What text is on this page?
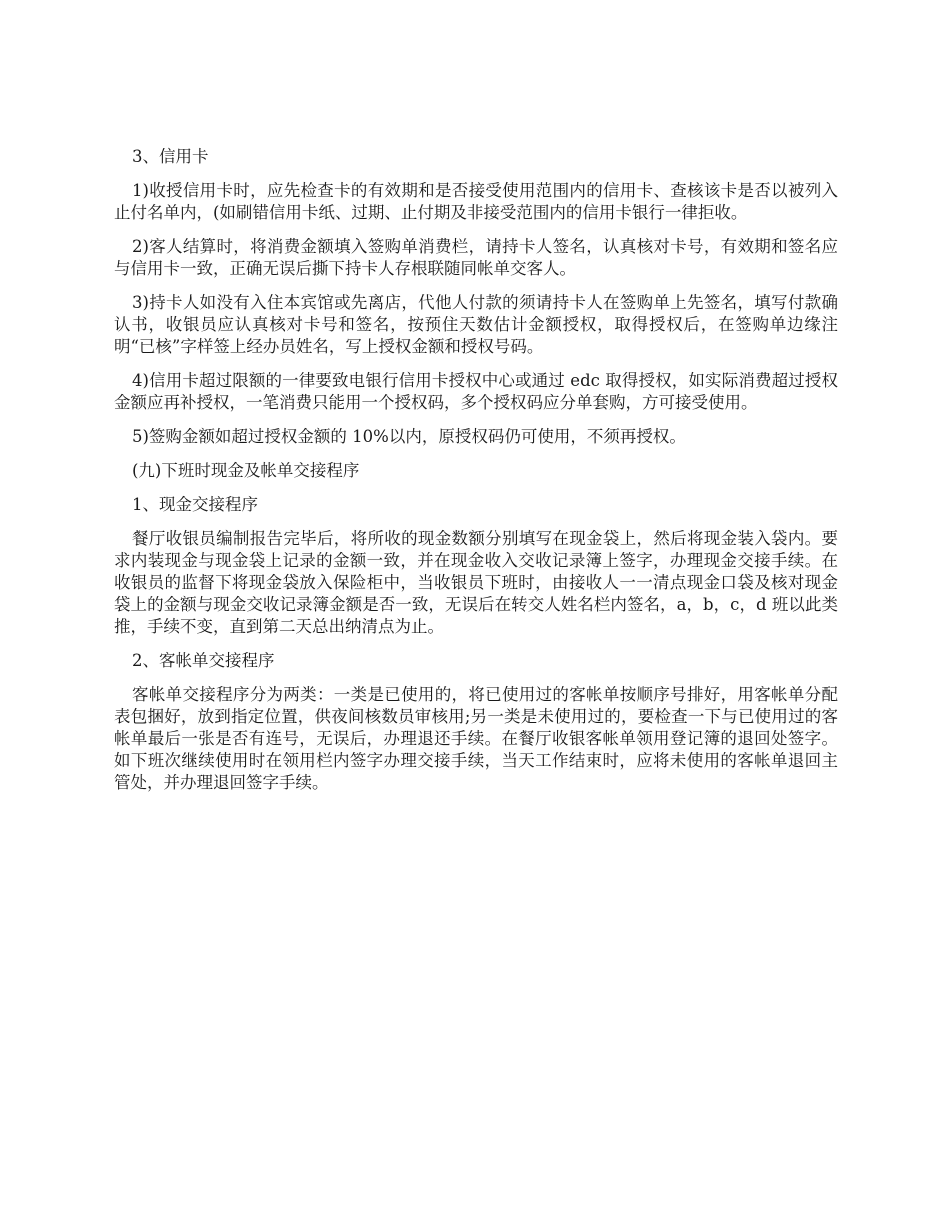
3、信用卡

1)收授信用卡时，应先检查卡的有效期和是否接受使用范围内的信用卡、查核该卡是否以被列入止付名单内，(如刷错信用卡纸、过期、止付期及非接受范围内的信用卡银行一律拒收。

2)客人结算时，将消费金额填入签购单消费栏，请持卡人签名，认真核对卡号，有效期和签名应与信用卡一致，正确无误后撕下持卡人存根联随同帐单交客人。

3)持卡人如没有入住本宾馆或先离店，代他人付款的须请持卡人在签购单上先签名，填写付款确认书，收银员应认真核对卡号和签名，按预住天数估计金额授权，取得授权后，在签购单边缘注明“已核”字样签上经办员姓名，写上授权金额和授权号码。

4)信用卡超过限额的一律要致电银行信用卡授权中心或通过 edc 取得授权，如实际消费超过授权金额应再补授权，一笔消费只能用一个授权码，多个授权码应分单套购，方可接受使用。

5)签购金额如超过授权金额的 10%以内，原授权码仍可使用，不须再授权。

(九)下班时现金及帐单交接程序

1、现金交接程序

餐厅收银员编制报告完毕后，将所收的现金数额分别填写在现金袋上，然后将现金装入袋内。要求内装现金与现金袋上记录的金额一致，并在现金收入交收记录簿上签字，办理现金交接手续。在收银员的监督下将现金袋放入保险柜中，当收银员下班时，由接收人一一清点现金口袋及核对现金袋上的金额与现金交收记录簿金额是否一致，无误后在转交人姓名栏内签名，a，b，c，d 班以此类推，手续不变，直到第二天总出纳清点为止。

2、客帐单交接程序

客帐单交接程序分为两类：一类是已使用的，将已使用过的客帐单按顺序号排好，用客帐单分配表包捆好，放到指定位置，供夜间核数员审核用;另一类是未使用过的，要检查一下与已使用过的客帐单最后一张是否有连号，无误后，办理退还手续。在餐厅收银客帐单领用登记簿的退回处签字。如下班次继续使用时在领用栏内签字办理交接手续，当天工作结束时，应将未使用的客帐单退回主管处，并办理退回签字手续。
